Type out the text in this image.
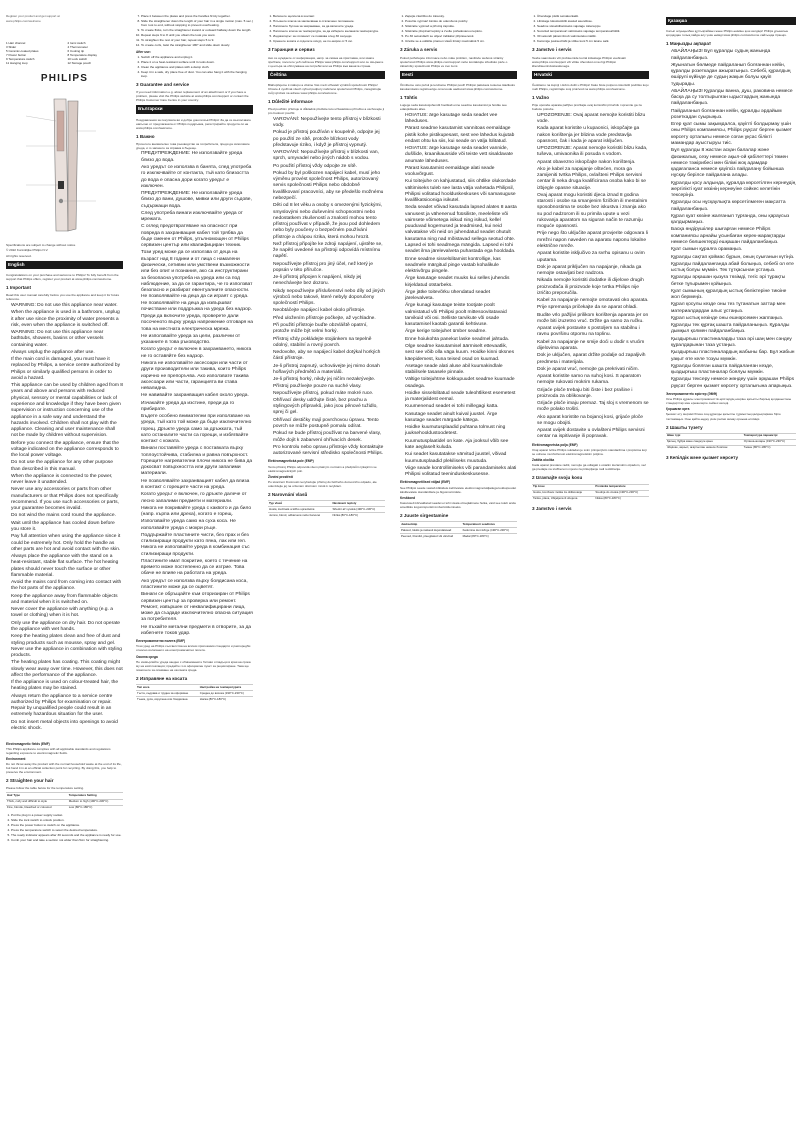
Register your product and get support at
www.philips.com/welcome
1 Hair channel	2 Ionic switch
3 Slider	4 Thermometer
5 Ceramic-coated plates	6 Cooling tip
7 Power button	8 Temperature display
9 Temperature switch	10 Lock switch
11 Hanging loop	12 Storage pouch
PHILIPS
Specifications are subject to change without notice
© 2022 Koninklijke Philips N.V.
All rights reserved.
English
Congratulations on your purchase and welcome to Philips! To fully benefit from the support that Philips offers, register your product at www.philips.com/welcome.
1 Important
Read this user manual carefully before you use the appliance and keep it for future reference.
• WARNING: Do not use this appliance near water.
• When the appliance is used in a bathroom, unplug it after use since the proximity of water presents a risk, even when the appliance is switched off.
• WARNING: Do not use this appliance near bathtubs, showers, basins or other vessels containing water.
• Always unplug the appliance after use.
• If the main cord is damaged, you must have it replaced by Philips, a service centre authorized by Philips or similarly qualified persons in order to avoid a hazard.
• This appliance can be used by children aged from 8 years and above and persons with reduced physical, sensory or mental capabilities or lack of experience and knowledge if they have been given supervision or instruction concerning use of the appliance in a safe way and understand the hazards involved. Children shall not play with the appliance. Cleaning and user maintenance shall not be made by children without supervision.
• Before you connect the appliance, ensure that the voltage indicated on the appliance corresponds to the local power voltage.
• Do not use the appliance for any other purpose than described in this manual.
• When the appliance is connected to the power, never leave it unattended.
• Never use any accessories or parts from other manufacturers or that Philips does not specifically recommend. If you use such accessories or parts, your guarantee becomes invalid.
• Do not wind the mains cord round the appliance.
• Wait until the appliance has cooled down before you store it.
• Pay full attention when using the appliance since it could be extremely hot. Only hold the handle as other parts are hot and avoid contact with the skin.
• Always place the appliance with the stand on a heat-resistant, stable flat surface. The hot heating plates should never touch the surface or other flammable material.
• Avoid the mains cord from coming into contact with the hot parts of the appliance.
• Keep the appliance away from flammable objects and material when it is switched on.
• Never cover the appliance with anything (e.g. a towel or clothing) when it is hot.
• Only use the appliance on dry hair. Do not operate the appliance with wet hands.
• Keep the heating plates clean and free of dust and styling products such as mousse, spray and gel. Never use the appliance in combination with styling products.
• The heating plates has coating. This coating might slowly wear away over time. However, this does not affect the performance of the appliance.
• If the appliance is used on colour-treated hair, the heating plates may be stained.
• Always return the appliance to a service centre authorized by Philips for examination or repair. Repair by unqualified people could result in an extremely hazardous situation for the user.
• Do not insert metal objects into openings to avoid electric shock.
•
Electromagnetic fields (EMF)
This Philips appliance complies with all applicable standards and regulations regarding exposure to electromagnetic fields.
Environment
Do not throw away the product with the normal household waste at the end of its life, but hand it in at an official collection point for recycling. By doing this, you help to preserve the environment.
2 Straighten your hair
Please follow the table below for the temperature setting.
Hair Type	Temperature Setting
Thick, curly and difficult to style	Medium to high (190°C-230°C)
Fine, blonde, bleached or coloured	Low (80°C-180°C)
1. Put the plug in a power supply socket.
2. Slide the lock switch to unlock position.
3. Press the power button to switch on the appliance.
4. Press the temperature switch to select the desired temperature.
5. The ready indicator appears after 30 seconds and the appliance is ready for use.
6. Comb your hair and take a section not wider than 5cm for straightening.
7. Place it between the plates and press the handles firmly together.
8. Slide the straightener down the length of your hair in a single motion (max. 5 sec.) from root to end, without stopping to prevent overheating.
9. To create flicks, turn the straightener inward or outward halfway down the length.
10. Repeat steps 6 to 8 until you obtain the look you want.
11. To straighten the rest of your hair, repeat steps 5 to 9.
12. To create curls, twist the straightener 180° and slide down slowly.
After use:
1. Switch off the appliance and unplug it.
2. Place it on a heat-resistant surface until it cools down.
3. Clean the appliance and plates with a damp cloth.
4. Keep it in a safe, dry place free of dust. You can also hang it with the hanging loop.
3 Guarantee and service
If you need information e.g. about replacement of an attachment or if you have a problem, please visit the Philips website at www.philips.com/support or contact the Philips Customer Care Centre in your country.
Български
Поздравления за покупката ви и добре дошли във Philips! За да се възползвате напълно от предлаганата от Philips поддръжка, регистрирайте продукта си на www.philips.com/welcome.
1 Важно
Прочетете внимателно това ръководство за потребителя, преди да използвате уреда, и го запазете за справка в бъдеще.
• ПРЕДУПРЕЖДЕНИЕ: Не използвайте уреда близо до вода.
• Ако уредът се използва в банята, след употреба го изключвайте от контакта, тъй като близостта до вода е опасна дори когато уредът е изключен.
• ПРЕДУПРЕЖДЕНИЕ: Не използвайте уреда близо до вани, душове, мивки или други съдове, съдържащи вода.
• След употреба винаги изключвайте уреда от мрежата.
• С оглед предотвратяване на опасност при повреда в захранващия кабел той трябва да бъде сменен от Philips, упълномощен от Philips сервизен център или квалифициран техник.
• Този уред може да се използва от деца на възраст над 8 години и от лица с намалени физически, сетивни или умствени възможности или без опит и познания, ако са инструктирани за безопасна употреба на уреда или са под наблюдение, за да се гарантира, че го използват безопасно и разбират евентуалните опасности. Не позволявайте на деца да си играят с уреда. Не позволявайте на деца да извършват почистване или поддръжка на уреда без надзор.
• Преди да включите уреда, проверете дали посоченото върху уреда напрежение отговаря на това на местната електрическа мрежа.
• Не използвайте уреда за цели, различни от указаните в това ръководство.
• Когато уредът е включен в захранването, никога не го оставяйте без надзор.
• Никога не използвайте аксесоари или части от други производители или такива, които Philips изрично не препоръчва. Ако използвате такива аксесоари или части, гаранцията ви става невалидна.
• Не навивайте захранващия кабел около уреда.
• Изчакайте уреда да изстине, преди да го прибирате.
• Бъдете особено внимателни при използване на уреда, тъй като той може да бъде изключително горещ. Дръжте уреда само за дръжката, тъй като останалите части са горещи, и избягвайте контакт с кожата.
• Винаги поставяйте уреда с поставката върху топлоустойчива, стабилна и равна повърхност. Горещите нагревателни плочи никога не бива да докосват повърхността или други запалими материали.
• Не позволявайте захранващият кабел да влиза в контакт с горещите части на уреда.
• Когато уредът е включен, го дръжте далече от лесно запалими предмети и материали.
• Никога не покривайте уреда с каквото и да било (напр. кърпа или дреха), когато е горещ.
• Използвайте уреда само на суха коса. Не използвайте уреда с мокри ръце.
• Поддържайте пластините чисти, без прах и без стилизиращи продукти като пяна, лак или гел. Никога не използвайте уреда в комбинация със стилизиращи продукти.
• Пластините имат покритие, което с течение на времето може постепенно да се изтрие. Това обаче не влияе на работата на уреда.
• Ако уредът се използва върху боядисана коса, пластините може да се оцветят.
• Винаги се обръщайте към оторизиран от Philips сервизен център за проверка или ремонт. Ремонт, извършен от неквалифицирани лица, може да създаде изключително опасна ситуация за потребителя.
• Не пъхайте метални предмети в отворите, за да избегнете токов удар.
Електромагнитни полета (EMF)
Този уред на Philips съответства на всички приложими стандарти и разпоредби относно излагането на електромагнитни полета.
Околна среда
Не изхвърляйте уреда заедно с обикновените битови отпадъци в края на срока му на експлоатация; предайте го в официален пункт за рециклиране. Така ще помогнете за опазване на околната среда.
2 Изправяне на косата
Тип коса	Настройка на температурата
Гъста, къдрава и трудна за оформяне	Средна до висока (190°C-230°C)
Тънка, руса, изрусена или боядисана	Ниска (80°C-180°C)
1. Включете щепсела в контакт.
2. Плъзнете ключа за заключване в отключено положение.
3. Натиснете бутона за захранване, за да включите уреда.
4. Натиснете ключа за температура, за да изберете желаната температура.
5. Индикаторът за готовност се появява след 30 секунди.
6. Срешете косата и отделете кичур, не по-широк от 5 см.
3 Гаранция и сервиз
Ако се нуждаете от информация, напр. за смяна на приставка, или имате проблем, посетете уеб сайта на Philips www.philips.com/support или се свържете с центъра за обслужване на потребители на Philips във вашата страна.
Čeština
Blahopřejeme k nákupu a vítáme Vás mezi uživateli výrobků společnosti Philips! Chcete-li využívat všech výhod podpory nabízené společností Philips, zaregistrujte svůj výrobek na adrese www.philips.com/welcome.
1 Důležité informace
Před použitím přístroje si důkladně přečtěte tuto uživatelskou příručku a uschovejte ji pro budoucí použití.
• VAROVÁNÍ: Nepoužívejte tento přístroj v blízkosti vody.
• Pokud je přístroj používán v koupelně, odpojte jej po použití ze sítě, protože blízkost vody představuje riziko, i když je přístroj vypnutý.
• VAROVÁNÍ: Nepoužívejte přístroj v blízkosti van, sprch, umyvadel nebo jiných nádob s vodou.
• Po použití přístroj vždy odpojte ze sítě.
• Pokud by byl poškozen napájecí kabel, musí jeho výměnu provést společnost Philips, autorizovaný servis společnosti Philips nebo obdobně kvalifikovaní pracovníci, aby se předešlo možnému nebezpečí.
• Děti od 8 let věku a osoby s omezenými fyzickými, smyslovými nebo duševními schopnostmi nebo nedostatkem zkušeností a znalostí mohou tento přístroj používat v případě, že jsou pod dohledem nebo byly poučeny o bezpečném používání přístroje a chápou rizika, která mohou hrozit.
• Než přístroj připojíte ke zdroji napájení, ujistěte se, že napětí uvedené na přístroji odpovídá místnímu napětí.
• Nepoužívejte přístroj pro jiný účel, než který je popsán v této příručce.
• Je-li přístroj připojen k napájení, nikdy jej nenechávejte bez dozoru.
• Nikdy nepoužívejte příslušenství nebo díly od jiných výrobců nebo takové, které nebyly doporučeny společností Philips.
• Neobtáčejte napájecí kabel okolo přístroje.
• Před uložením přístroje počkejte, až vychladne.
• Při použití přístroje buďte obzvláště opatrní, protože může být velmi horký.
• Přístroj vždy pokládejte stojánkem na tepelně odolný, stabilní a rovný povrch.
• Nedovolte, aby se napájecí kabel dotýkal horkých částí přístroje.
• Je-li přístroj zapnutý, uchovávejte jej mimo dosah hořlavých předmětů a materiálů.
• Je-li přístroj horký, nikdy jej ničím nezakrývejte.
• Přístroj používejte pouze na suché vlasy. Nepoužívejte přístroj, pokud máte mokré ruce.
• Ohřívací desky udržujte čisté, bez prachu a stylingových přípravků, jako jsou pěnové tužidlo, sprej či gel.
• Ohřívací destičky mají povrchovou úpravu. Tento povrch se může postupně pomalu odírat.
• Pokud se bude přístroj používat na barvené vlasy, může dojít k zabarvení ohřívacích desek.
• Pro kontrolu nebo opravu přístroje vždy kontaktujte autorizované servisní středisko společnosti Philips.
Elektromagnetická pole (EMP)
Tento přístroj Philips odpovídá všem platným normám a předpisům týkajícím se elektromagnetických polí.
Životní prostředí
Po skončení životnosti nevyhazujte přístroj do běžného domovního odpadu, ale odevzdejte jej na určeném sběrném místě k recyklaci.
2 Narovnání vlasů
Typ vlasů	Nastavení teploty
Husté, kudrnaté a těžko upravitelné	Střední až vysoká (190°C-230°C)
Jemné, blond, odbarvené nebo barvené	Nízká (80°C-180°C)
1. Zapojte zástrčku do zásuvky.
2. Posuňte vypínač zámku do odemčené polohy.
3. Stiskněte vypínač a přístroj zapněte.
4. Stiskněte přepínač teploty a zvolte požadovanou teplotu.
5. Po 30 sekundách se objeví indikátor připravenosti.
6. Učešte se a oddělte pramen vlasů široký maximálně 5 cm.
3 Záruka a servis
Pokud potřebujete informace nebo máte problém, navštivte webové stránky společnosti Philips www.philips.com/support nebo kontaktujte středisko péče o zákazníky společnosti Philips ve své zemi.
Eesti
Õnnitleme ostu puhul ja tervitame Philipsi poolt! Philipsi pakutava tootetoe täielikuks kasutamiseks registreerige oma toode aadressil www.philips.com/welcome.
1 Tähtis
Lugege seda kasutusjuhendit hoolikalt enne seadme kasutamist ja hoidke see edaspidiseks alles.
• HOIATUS: ärge kasutage seda seadet vee läheduses.
• Pärast seadme kasutamist vannitoas eemaldage pistik kohe pistikupesast, sest vee lähedus kujutab endast ohtu ka siis, kui seade on välja lülitatud.
• HOIATUS: ärge kasutage seda seadet vannide, duššide, kraanikausside või teiste vett sisaldavate anumate läheduses.
• Pärast kasutamist eemaldage alati seade vooluvõrgust.
• Kui toitejuhe on kahjustatud, siis ohtlike olukordade vältimiseks tuleb see lasta välja vahetada Philipsil, Philipsi volitatud hoolduskeskuses või samasuguse kvalifikatsiooniga isikutel.
• Seda seadet võivad kasutada lapsed alates 8 aasta vanusest ja vähenenud füüsiliste, meeleliste või vaimsete võimetega isikud ning isikud, kellel puuduvad kogemused ja teadmised, kui neid valvatakse või neid on juhendatud seadet ohutult kasutama ning nad mõistavad sellega seotud ohte. Lapsed ei tohi seadmega mängida. Lapsed ei tohi seadet ilma järelevalveta puhastada ega hooldada.
• Enne seadme sisselülitamist kontrollige, kas seadmele märgitud pinge vastab kohalikule elektrivõrgu pingele.
• Ärge kasutage seadet muuks kui selles juhendis kirjeldatud otstarbeks.
• Ärge jätke toitevõrku ühendatud seadet järelevalveta.
• Ärge kunagi kasutage teiste tootjate poolt valmistatud või Philipsi poolt mittesoovitatavaid tarvikuid või osi. Selliste tarvikute või osade kasutamisel kaotab garantii kehtivuse.
• Ärge kerige toitejuhet ümber seadme.
• Enne hoiukohta panekut laske seadmel jahtuda.
• Olge seadme kasutamisel äärmiselt ettevaatlik, sest see võib olla väga kuum. Hoidke kinni üksnes käepidemest, kuna teised osad on kuumad.
• Asetage seade alati aluse abil kuumakindlale stabiilsele tasasele pinnale.
• Vältige toitejuhtme kokkupuudet seadme kuumade osadega.
• Hoidke sisselülitatud seade tuleohtlikest esemetest ja materjalidest eemal.
• Kuumenenud seadet ei tohi millegagi katta.
• Kasutage seadet ainult kuival juustel. Ärge kasutage seadet märgade kätega.
• Hoidke kuumutusplaadid puhtana tolmust ning juuksehooldustoodetest.
• Kuumutusplaatidel on kate. Aja jooksul võib see kate aeglaselt kuluda.
• Kui seadet kasutatakse värvitud juustel, võivad kuumutusplaadid plekiliseks muutuda.
• Viige seade kontrollimiseks või parandamiseks alati Philipsi volitatud teeninduskeskusesse.
Elektromagnetilised väljad (EMF)
See Philipsi seade vastab kõikidele kehtivatele elektromagnetväljadega kokkupuudet käsitlevatele standarditele ja õigusnormidele.
Keskkond
Kasutuselt kõrvaldatud seadet ei tohi visata olmejäätmete hulka, vaid see tuleb anda ametlikku kogumispunkti ümbertöötlemiseks.
2 Juuste sirgestamine
Juuksetüüp	Temperatuuri seadistus
Paksud, lokkis ja raskesti kujundatavad	Keskmine kuni kõrge (190°C-230°C)
Peened, blondid, pleegitatud või värvitud	Madal (80°C-180°C)
1. Ühendage pistik seinakontakti.
2. Libistage lukustuslüliti avatud asendisse.
3. Seadme sisselülitamiseks vajutage toitenuppu.
4. Soovitud temperatuuri valimiseks vajutage temperatuurilülitit.
5. 30 sekundi pärast ilmub valmisoleku näidik.
6. Kammige juuksed läbi ja võtke kuni 5 cm laiune salk.
3 Jamstvo i servis
Teabe saamiseks või probleemide korral külastage Philipsi veebisaiti www.philips.com/support või võtke ühendust oma riigi Philipsi klienditeeninduskeskusega.
Hrvatski
Čestitamo na kupnji i dobro došli u Philips! Kako biste potpuno iskoristili podršku koju nudi Philips, registrirajte svoj proizvod na www.philips.com/welcome.
1 Važno
Prije uporabe aparata pažljivo pročitajte ovaj korisnički priručnik i spremite ga za buduće potrebe.
• UPOZORENJE: Ovaj aparat nemojte koristiti blizu vode.
• Kada aparat koristite u kupaonici, iskopčajte ga nakon korištenja jer blizina vode predstavlja opasnost, čak i kada je aparat isključen.
• UPOZORENJE: Aparat nemojte koristiti blizu kada, tuševa, umivaonika ili posuda s vodom.
• Aparat obavezno iskopčajte nakon korištenja.
• Ako je kabel za napajanje oštećen, mora ga zamijeniti tvrtka Philips, ovlašteni Philips servisni centar ili neka druga kvalificirana osoba kako bi se izbjegle opasne situacije.
• Ovaj aparat mogu koristiti djeca iznad 8 godina starosti i osobe sa smanjenim fizičkim ili mentalnim sposobnostima te osobe bez iskustva i znanja ako su pod nadzorom ili su primila upute u vezi rukovanja aparatom na siguran način te razumiju moguće opasnosti.
• Prije nego što uključite aparat provjerite odgovara li mrežni napon naveden na aparatu naponu lokalne električne mreže.
• Aparat koristite isključivo za svrhu opisanu u ovim uputama.
• Dok je aparat priključen na napajanje, nikada ga nemojte ostavljati bez nadzora.
• Nikada nemojte koristiti dodatke ili dijelove drugih proizvođača ili proizvode koje tvrtka Philips nije izričito preporučila.
• Kabel za napajanje nemojte omotavati oko aparata.
• Prije spremanja pričekajte da se aparat ohladi.
• Budite vrlo pažljivi prilikom korištenja aparata jer on može biti izuzetno vruć. Držite ga samo za ručku.
• Aparat uvijek postavite s postoljem na stabilnu i ravnu površinu otpornu na toplinu.
• Kabel za napajanje ne smije doći u dodir s vrućim dijelovima aparata.
• Dok je uključen, aparat držite podalje od zapaljivih predmeta i materijala.
• Dok je aparat vruć, nemojte ga prekrivati ničim.
• Aparat koristite samo na suhoj kosi. S aparatom nemojte rukovati mokrim rukama.
• Grijaće ploče trebaju biti čiste i bez prašine i proizvoda za oblikovanje.
• Grijaće ploče imaju premaz. Taj sloj s vremenom se može polako trošiti.
• Ako aparat koristite na bojanoj kosi, grijaće ploče se mogu obojiti.
• Aparat uvijek dostavite u ovlašteni Philips servisni centar na ispitivanje ili popravak.
Elektromagnetska polja (EMF)
Ovaj aparat tvrtke Philips sukladan je svim primjenjivim standardima i propisima koji se odnose na izloženost elektromagnetskim poljima.
Zaštita okoliša
Kada aparat prestane raditi, nemojte ga odlagati s ostalim kućanskim otpadom, već ga predajte na službenom mjestu za prikupljanje radi recikliranja.
2 Izravnajte svoju kosu
Tip kose	Postavka temperature
Gusta, kovrčava i teška za oblikovanje	Srednja do visoka (190°C-230°C)
Tanka, plava, izbijeljena ili obojena	Niska (80°C-180°C)
3 Jamstvo i servis
Қазақша
Сатып алуыңызбен құттықтаймыз және Philips өніміне қош келдіңіз! Philips ұсынатын қолдаудан толық пайда алу үшін өнімді www.philips.com/welcome сайтында тіркеңіз.
1 Маңызды ақпарат
• АБАЙЛАҢЫЗ! Бұл құралды судың жанында пайдаланбаңыз.
• Жуынатын бөлмеде пайдаланып болғаннан кейін, құралды розеткадан ажыратыңыз. Себебі, құралдың өшірулі күйінде де судың жақын болуы қауіп тудырады.
• АБАЙЛАҢЫЗ! Құралды ванна, душ, раковина немесе басқа да су толтырылған ыдыстардың жанында пайдаланбаңыз.
• Пайдаланып болғаннан кейін, құралды әрдайым розеткадан суырыңыз.
• Егер қуат сымы зақымдалса, қауіпті болдырмау үшін оны Philips компаниясы, Philips рұқсат берген қызмет көрсету орталығы немесе соған ұқсас білікті мамандар ауыстыруы тиіс.
• Бұл құралды 8 жастан асқан балалар және физикалық, сезу немесе ақыл-ой қабілеттері төмен немесе тәжірибесі мен білімі жоқ адамдар қадағаланса немесе қауіпсіз пайдалану бойынша нұсқау берілсе пайдалана алады.
• Құралды қосу алдында, құралда көрсетілген кернеудің жергілікті қуат көзінің кернеуіне сәйкес келетінін тексеріңіз.
• Құралды осы нұсқаулықта көрсетілмеген мақсатта пайдаланбаңыз.
• Құрал қуат көзіне жалғанып тұрғанда, оны қараусыз қалдырмаңыз.
• Басқа өндірушілер шығарған немесе Philips компаниясы арнайы ұсынбаған керек-жарақтарды немесе бөлшектерді ешқашан пайдаланбаңыз.
• Қуат сымын құралға орамаңыз.
• Құралды сақтап қоймас бұрын, оның суығанын күтіңіз.
• Құралды пайдаланғанда абай болыңыз, себебі ол өте ыстық болуы мүмкін. Тек тұтқасынан ұстаңыз.
• Құралды әрқашан қызуға төзімді, тегіс әрі тұрақты бетке тұғырымен қойыңыз.
• Қуат сымының құралдың ыстық бөліктеріне тиюіне жол бермеңіз.
• Құрал қосулы кезде оны тез тұтанатын заттар мен материалдардан алыс ұстаңыз.
• Құрал ыстық кезінде оны ешнәрсемен жаппаңыз.
• Құралды тек құрғақ шашта пайдаланыңыз. Құралды дымқыл қолмен пайдаланбаңыз.
• Қыздырғыш пластиналарды таза әрі шаң мен сәндеу құралдарынан таза ұстаңыз.
• Қыздырғыш пластиналардың жабыны бар. Бұл жабын уақыт өте келе тозуы мүмкін.
• Құралды боялған шашта пайдаланған кезде, қыздырғыш пластиналар боялуы мүмкін.
• Құралды тексеру немесе жөндеу үшін әрқашан Philips рұқсат берген қызмет көрсету орталығына апарыңыз.
Электромагниттік өрістер (ЭМӨ)
Осы Philips құралы электромагниттік өрістердің әсеріне қатысты барлық қолданыстағы стандарттар мен ережелерге сәйкес келеді.
Қоршаған орта
Қызмет ету мерзімі біткен соң құралды қалыпты тұрмыстық қалдықтармен бірге тастамаңыз. Оны қайта өңдеу үшін ресми жинау орнына өткізіңіз.
2 Шашты түзету
Шаш түрі	Температура параметрі
Қалың, бұйра және сәндеуге қиын	Орташа-жоғары (190°C-230°C)
Жіңішке, ақшыл, ағартылған немесе боялған	Төмен (80°C-180°C)
3 Кепілдік және қызмет көрсету
